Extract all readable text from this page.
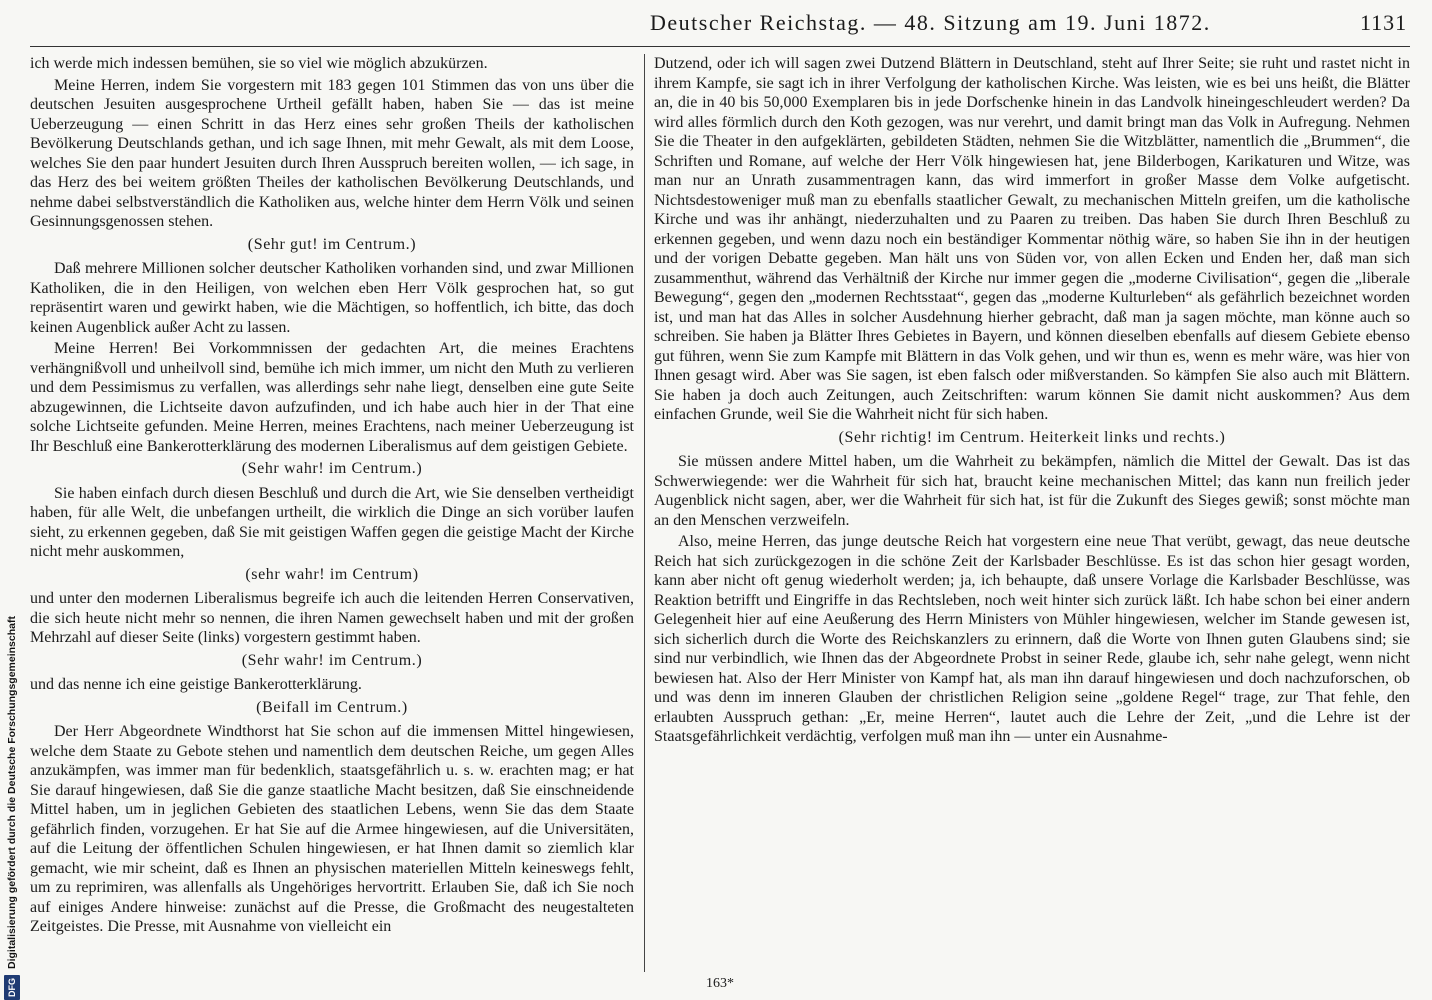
Deutscher Reichstag. — 48. Sitzung am 19. Juni 1872.	1131

ich werde mich indessen bemühen, sie so viel wie möglich abzukürzen.

Meine Herren, indem Sie vorgestern mit 183 gegen 101 Stimmen das von uns über die deutschen Jesuiten ausgesprochene Urtheil gefällt haben, haben Sie — das ist meine Ueberzeugung — einen Schritt in das Herz eines sehr großen Theils der katholischen Bevölkerung Deutschlands gethan, und ich sage Ihnen, mit mehr Gewalt, als mit dem Loose, welches Sie den paar hundert Jesuiten durch Ihren Ausspruch bereiten wollen, — ich sage, in das Herz des bei weitem größten Theiles der katholischen Bevölkerung Deutschlands, und nehme dabei selbstverständlich die Katholiken aus, welche hinter dem Herrn Völk und seinen Gesinnungsgenossen stehen.

(Sehr gut! im Centrum.)

Daß mehrere Millionen solcher deutscher Katholiken vorhanden sind, und zwar Millionen Katholiken, die in den Heiligen, von welchen eben Herr Völk gesprochen hat, so gut repräsentirt waren und gewirkt haben, wie die Mächtigen, so hoffentlich, ich bitte, das doch keinen Augenblick außer Acht zu lassen.

Meine Herren! Bei Vorkommnissen der gedachten Art, die meines Erachtens verhängnißvoll und unheilvoll sind, bemühe ich mich immer, um nicht den Muth zu verlieren und dem Pessimismus zu verfallen, was allerdings sehr nahe liegt, denselben eine gute Seite abzugewinnen, die Lichtseite davon aufzufinden, und ich habe auch hier in der That eine solche Lichtseite gefunden. Meine Herren, meines Erachtens, nach meiner Ueberzeugung ist Ihr Beschluß eine Bankerotterklärung des modernen Liberalismus auf dem geistigen Gebiete.

(Sehr wahr! im Centrum.)

Sie haben einfach durch diesen Beschluß und durch die Art, wie Sie denselben vertheidigt haben, für alle Welt, die unbefangen urtheilt, die wirklich die Dinge an sich vorüber laufen sieht, zu erkennen gegeben, daß Sie mit geistigen Waffen gegen die geistige Macht der Kirche nicht mehr auskommen,

(sehr wahr! im Centrum)

und unter den modernen Liberalismus begreife ich auch die leitenden Herren Conservativen, die sich heute nicht mehr so nennen, die ihren Namen gewechselt haben und mit der großen Mehrzahl auf dieser Seite (links) vorgestern gestimmt haben.

(Sehr wahr! im Centrum.)

und das nenne ich eine geistige Bankerotterklärung.

(Beifall im Centrum.)

Der Herr Abgeordnete Windthorst hat Sie schon auf die immensen Mittel hingewiesen, welche dem Staate zu Gebote stehen und namentlich dem deutschen Reiche, um gegen Alles anzukämpfen, was immer man für bedenklich, staatsgefährlich u. s. w. erachten mag; er hat Sie darauf hingewiesen, daß Sie die ganze staatliche Macht besitzen, daß Sie einschneidende Mittel haben, um in jeglichen Gebieten des staatlichen Lebens, wenn Sie das dem Staate gefährlich finden, vorzugehen. Er hat Sie auf die Armee hingewiesen, auf die Universitäten, auf die Leitung der öffentlichen Schulen hingewiesen, er hat Ihnen damit so ziemlich klar gemacht, wie mir scheint, daß es Ihnen an physischen materiellen Mitteln keineswegs fehlt, um zu reprimiren, was allenfalls als Ungehöriges hervortritt. Erlauben Sie, daß ich Sie noch auf einiges Andere hinweise: zunächst auf die Presse, die Großmacht des neugestalteten Zeitgeistes. Die Presse, mit Ausnahme von vielleicht ein

Dutzend, oder ich will sagen zwei Dutzend Blättern in Deutschland, steht auf Ihrer Seite; sie ruht und rastet nicht in ihrem Kampfe, sie sagt ich in ihrer Verfolgung der katholischen Kirche. Was leisten, wie es bei uns heißt, die Blätter an, die in 40 bis 50,000 Exemplaren bis in jede Dorfschenke hinein in das Landvolk hineingeschleudert werden? Da wird alles förmlich durch den Koth gezogen, was nur verehrt, und damit bringt man das Volk in Aufregung. Nehmen Sie die Theater in den aufgeklärten, gebildeten Städten, nehmen Sie die Witzblätter, namentlich die „Brummen“, die Schriften und Romane, auf welche der Herr Völk hingewiesen hat, jene Bilderbogen, Karikaturen und Witze, was man nur an Unrath zusammentragen kann, das wird immerfort in großer Masse dem Volke aufgetischt. Nichtsdestoweniger muß man zu ebenfalls staatlicher Gewalt, zu mechanischen Mitteln greifen, um die katholische Kirche und was ihr anhängt, niederzuhalten und zu Paaren zu treiben. Das haben Sie durch Ihren Beschluß zu erkennen gegeben, und wenn dazu noch ein beständiger Kommentar nöthig wäre, so haben Sie ihn in der heutigen und der vorigen Debatte gegeben. Man hält uns von Süden vor, von allen Ecken und Enden her, daß man sich zusammenthut, während das Verhältniß der Kirche nur immer gegen die „moderne Civilisation“, gegen die „liberale Bewegung“, gegen den „modernen Rechtsstaat“, gegen das „moderne Kulturleben“ als gefährlich bezeichnet worden ist, und man hat das Alles in solcher Ausdehnung hierher gebracht, daß man ja sagen möchte, man könne auch so schreiben. Sie haben ja Blätter Ihres Gebietes in Bayern, und können dieselben ebenfalls auf diesem Gebiete ebenso gut führen, wenn Sie zum Kampfe mit Blättern in das Volk gehen, und wir thun es, wenn es mehr wäre, was hier von Ihnen gesagt wird. Aber was Sie sagen, ist eben falsch oder mißverstanden. So kämpfen Sie also auch mit Blättern. Sie haben ja doch auch Zeitungen, auch Zeitschriften: warum können Sie damit nicht auskommen? Aus dem einfachen Grunde, weil Sie die Wahrheit nicht für sich haben.

(Sehr richtig! im Centrum. Heiterkeit links und rechts.)

Sie müssen andere Mittel haben, um die Wahrheit zu bekämpfen, nämlich die Mittel der Gewalt. Das ist das Schwerwiegende: wer die Wahrheit für sich hat, braucht keine mechanischen Mittel; das kann nun freilich jeder Augenblick nicht sagen, aber, wer die Wahrheit für sich hat, ist für die Zukunft des Sieges gewiß; sonst möchte man an den Menschen verzweifeln.

Also, meine Herren, das junge deutsche Reich hat vorgestern eine neue That verübt, gewagt, das neue deutsche Reich hat sich zurückgezogen in die schöne Zeit der Karlsbader Beschlüsse. Es ist das schon hier gesagt worden, kann aber nicht oft genug wiederholt werden; ja, ich behaupte, daß unsere Vorlage die Karlsbader Beschlüsse, was Reaktion betrifft und Eingriffe in das Rechtsleben, noch weit hinter sich zurück läßt. Ich habe schon bei einer andern Gelegenheit hier auf eine Aeußerung des Herrn Ministers von Mühler hingewiesen, welcher im Stande gewesen ist, sich sicherlich durch die Worte des Reichskanzlers zu erinnern, daß die Worte von Ihnen guten Glaubens sind; sie sind nur verbindlich, wie Ihnen das der Abgeordnete Probst in seiner Rede, glaube ich, sehr nahe gelegt, wenn nicht bewiesen hat. Also der Herr Minister von Kampf hat, als man ihn darauf hingewiesen und doch nachzuforschen, ob und was denn im inneren Glauben der christlichen Religion seine „goldene Regel“ trage, zur That fehle, den erlaubten Ausspruch gethan: „Er, meine Herren“, lautet auch die Lehre der Zeit, „und die Lehre ist der Staatsgefährlichkeit verdächtig, verfolgen muß man ihn — unter ein Ausnahme-

163*
DFG
Digitalisierung gefördert durch die Deutsche Forschungsgemeinschaft
